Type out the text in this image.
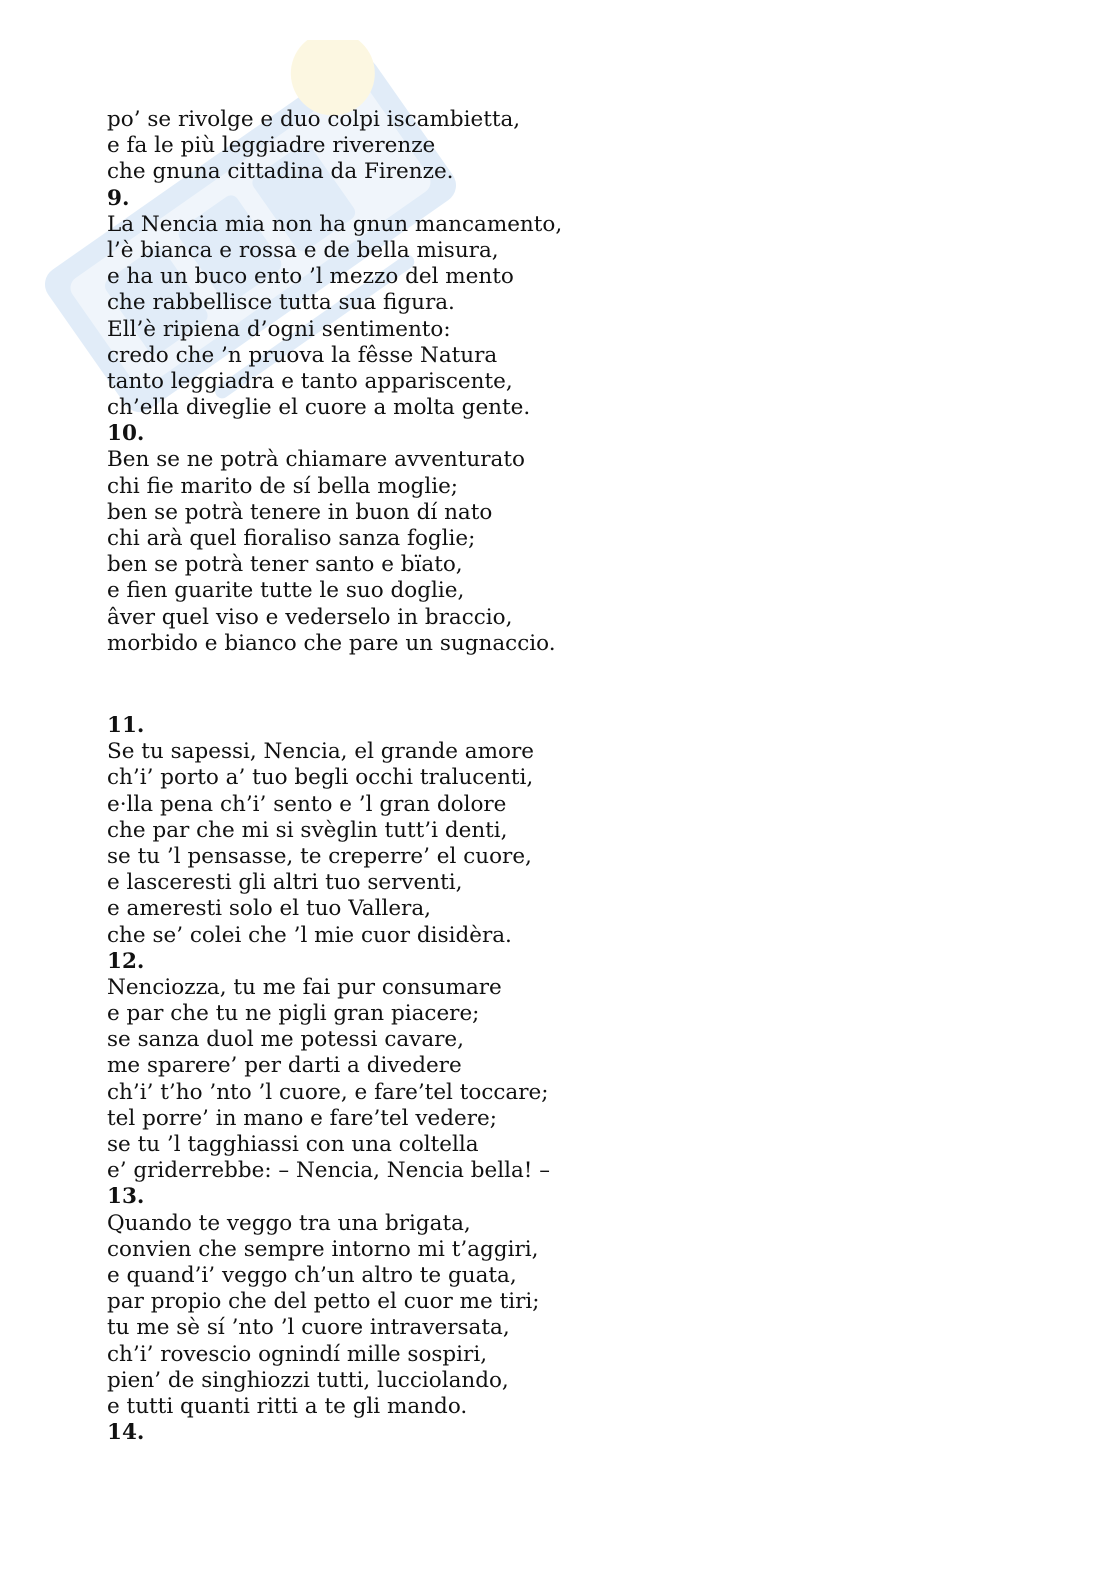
po’ se rivolge e duo colpi iscambietta,
e fa le più leggiadre riverenze
che gnuna cittadina da Firenze.
9.
La Nencia mia non ha gnun mancamento,
l’è bianca e rossa e de bella misura,
e ha un buco ento ’l mezzo del mento
che rabbellisce tutta sua figura.
Ell’è ripiena d’ogni sentimento:
credo che ’n pruova la fêsse Natura
tanto leggiadra e tanto appariscente,
ch’ella diveglie el cuore a molta gente.
10.
Ben se ne potrà chiamare avventurato
chi fie marito de sí bella moglie;
ben se potrà tenere in buon dí nato
chi arà quel fioraliso sanza foglie;
ben se potrà tener santo e bïato,
e fien guarite tutte le suo doglie,
âver quel viso e vederselo in braccio,
morbido e bianco che pare un sugnaccio.
11.
Se tu sapessi, Nencia, el grande amore
ch’i’ porto a’ tuo begli occhi tralucenti,
e·lla pena ch’i’ sento e ’l gran dolore
che par che mi si svèglin tutt’i denti,
se tu ’l pensasse, te creperre’ el cuore,
e lasceresti gli altri tuo serventi,
e ameresti solo el tuo Vallera,
che se’ colei che ’l mie cuor disidèra.
12.
Nenciozza, tu me fai pur consumare
e par che tu ne pigli gran piacere;
se sanza duol me potessi cavare,
me sparere’ per darti a divedere
ch’i’ t’ho ’nto ’l cuore, e fare’tel toccare;
tel porre’ in mano e fare’tel vedere;
se tu ’l tagghiassi con una coltella
e’ griderrebbe: – Nencia, Nencia bella! –
13.
Quando te veggo tra una brigata,
convien che sempre intorno mi t’aggiri,
e quand’i’ veggo ch’un altro te guata,
par propio che del petto el cuor me tiri;
tu me sè sí ’nto ’l cuore intraversata,
ch’i’ rovescio ognindí mille sospiri,
pien’ de singhiozzi tutti, lucciolando,
e tutti quanti ritti a te gli mando.
14.
